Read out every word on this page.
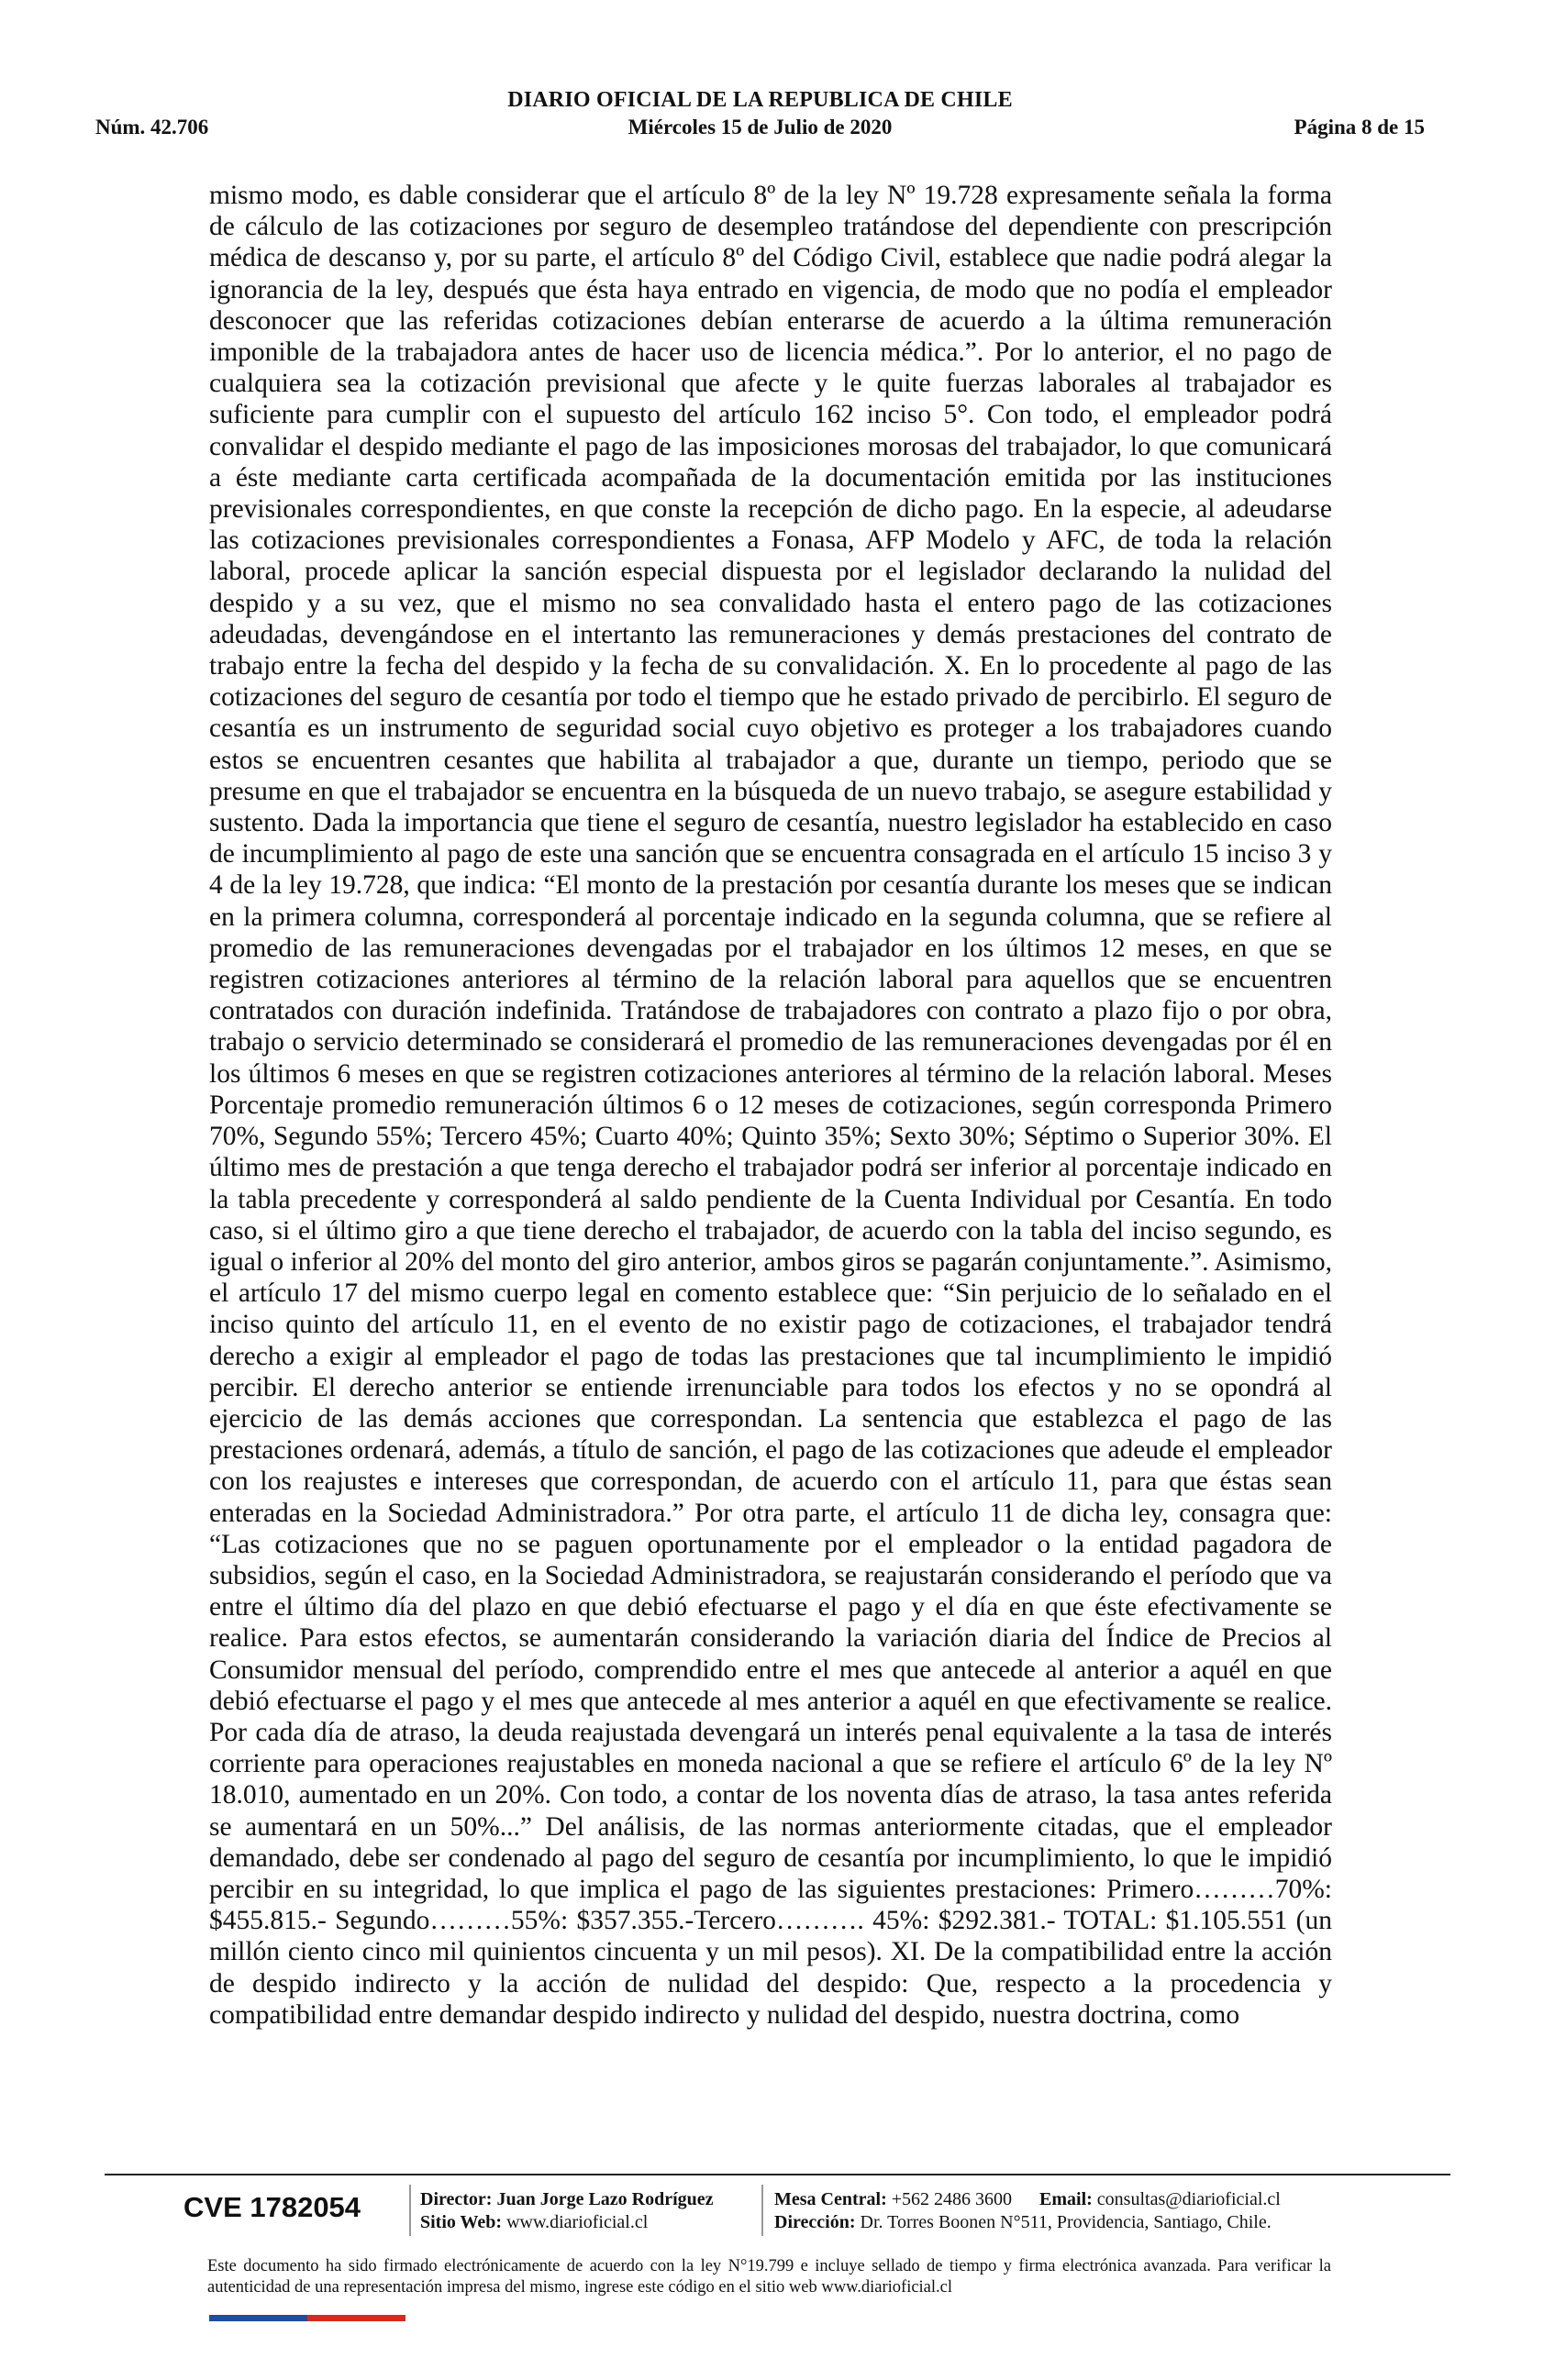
DIARIO OFICIAL DE LA REPUBLICA DE CHILE
Núm. 42.706	Miércoles 15 de Julio de 2020	Página 8 de 15

mismo modo, es dable considerar que el artículo 8º de la ley Nº 19.728 expresamente señala la forma de cálculo de las cotizaciones por seguro de desempleo tratándose del dependiente con prescripción médica de descanso y, por su parte, el artículo 8º del Código Civil, establece que nadie podrá alegar la ignorancia de la ley, después que ésta haya entrado en vigencia, de modo que no podía el empleador desconocer que las referidas cotizaciones debían enterarse de acuerdo a la última remuneración imponible de la trabajadora antes de hacer uso de licencia médica.”. Por lo anterior, el no pago de cualquiera sea la cotización previsional que afecte y le quite fuerzas laborales al trabajador es suficiente para cumplir con el supuesto del artículo 162 inciso 5°. Con todo, el empleador podrá convalidar el despido mediante el pago de las imposiciones morosas del trabajador, lo que comunicará a éste mediante carta certificada acompañada de la documentación emitida por las instituciones previsionales correspondientes, en que conste la recepción de dicho pago. En la especie, al adeudarse las cotizaciones previsionales correspondientes a Fonasa, AFP Modelo y AFC, de toda la relación laboral, procede aplicar la sanción especial dispuesta por el legislador declarando la nulidad del despido y a su vez, que el mismo no sea convalidado hasta el entero pago de las cotizaciones adeudadas, devengándose en el intertanto las remuneraciones y demás prestaciones del contrato de trabajo entre la fecha del despido y la fecha de su convalidación. X. En lo procedente al pago de las cotizaciones del seguro de cesantía por todo el tiempo que he estado privado de percibirlo. El seguro de cesantía es un instrumento de seguridad social cuyo objetivo es proteger a los trabajadores cuando estos se encuentren cesantes que habilita al trabajador a que, durante un tiempo, periodo que se presume en que el trabajador se encuentra en la búsqueda de un nuevo trabajo, se asegure estabilidad y sustento. Dada la importancia que tiene el seguro de cesantía, nuestro legislador ha establecido en caso de incumplimiento al pago de este una sanción que se encuentra consagrada en el artículo 15 inciso 3 y 4 de la ley 19.728, que indica: “El monto de la prestación por cesantía durante los meses que se indican en la primera columna, corresponderá al porcentaje indicado en la segunda columna, que se refiere al promedio de las remuneraciones devengadas por el trabajador en los últimos 12 meses, en que se registren cotizaciones anteriores al término de la relación laboral para aquellos que se encuentren contratados con duración indefinida. Tratándose de trabajadores con contrato a plazo fijo o por obra, trabajo o servicio determinado se considerará el promedio de las remuneraciones devengadas por él en los últimos 6 meses en que se registren cotizaciones anteriores al término de la relación laboral. Meses Porcentaje promedio remuneración últimos 6 o 12 meses de cotizaciones, según corresponda Primero 70%, Segundo 55%; Tercero 45%; Cuarto 40%; Quinto 35%; Sexto 30%; Séptimo o Superior 30%. El último mes de prestación a que tenga derecho el trabajador podrá ser inferior al porcentaje indicado en la tabla precedente y corresponderá al saldo pendiente de la Cuenta Individual por Cesantía. En todo caso, si el último giro a que tiene derecho el trabajador, de acuerdo con la tabla del inciso segundo, es igual o inferior al 20% del monto del giro anterior, ambos giros se pagarán conjuntamente.”. Asimismo, el artículo 17 del mismo cuerpo legal en comento establece que: “Sin perjuicio de lo señalado en el inciso quinto del artículo 11, en el evento de no existir pago de cotizaciones, el trabajador tendrá derecho a exigir al empleador el pago de todas las prestaciones que tal incumplimiento le impidió percibir. El derecho anterior se entiende irrenunciable para todos los efectos y no se opondrá al ejercicio de las demás acciones que correspondan. La sentencia que establezca el pago de las prestaciones ordenará, además, a título de sanción, el pago de las cotizaciones que adeude el empleador con los reajustes e intereses que correspondan, de acuerdo con el artículo 11, para que éstas sean enteradas en la Sociedad Administradora.” Por otra parte, el artículo 11 de dicha ley, consagra que: “Las cotizaciones que no se paguen oportunamente por el empleador o la entidad pagadora de subsidios, según el caso, en la Sociedad Administradora, se reajustarán considerando el período que va entre el último día del plazo en que debió efectuarse el pago y el día en que éste efectivamente se realice. Para estos efectos, se aumentarán considerando la variación diaria del Índice de Precios al Consumidor mensual del período, comprendido entre el mes que antecede al anterior a aquél en que debió efectuarse el pago y el mes que antecede al mes anterior a aquél en que efectivamente se realice. Por cada día de atraso, la deuda reajustada devengará un interés penal equivalente a la tasa de interés corriente para operaciones reajustables en moneda nacional a que se refiere el artículo 6º de la ley Nº 18.010, aumentado en un 20%. Con todo, a contar de los noventa días de atraso, la tasa antes referida se aumentará en un 50%...” Del análisis, de las normas anteriormente citadas, que el empleador demandado, debe ser condenado al pago del seguro de cesantía por incumplimiento, lo que le impidió percibir en su integridad, lo que implica el pago de las siguientes prestaciones: Primero………70%: $455.815.- Segundo………55%: $357.355.-Tercero………. 45%: $292.381.- TOTAL: $1.105.551 (un millón ciento cinco mil quinientos cincuenta y un mil pesos). XI. De la compatibilidad entre la acción de despido indirecto y la acción de nulidad del despido: Que, respecto a la procedencia y compatibilidad entre demandar despido indirecto y nulidad del despido, nuestra doctrina, como

CVE 1782054	Director: Juan Jorge Lazo Rodríguez
Sitio Web: www.diarioficial.cl
Mesa Central: +562 2486 3600 Email: consultas@diarioficial.cl
Dirección: Dr. Torres Boonen N°511, Providencia, Santiago, Chile.
Este documento ha sido firmado electrónicamente de acuerdo con la ley N°19.799 e incluye sellado de tiempo y firma electrónica avanzada. Para verificar la autenticidad de una representación impresa del mismo, ingrese este código en el sitio web www.diarioficial.cl
